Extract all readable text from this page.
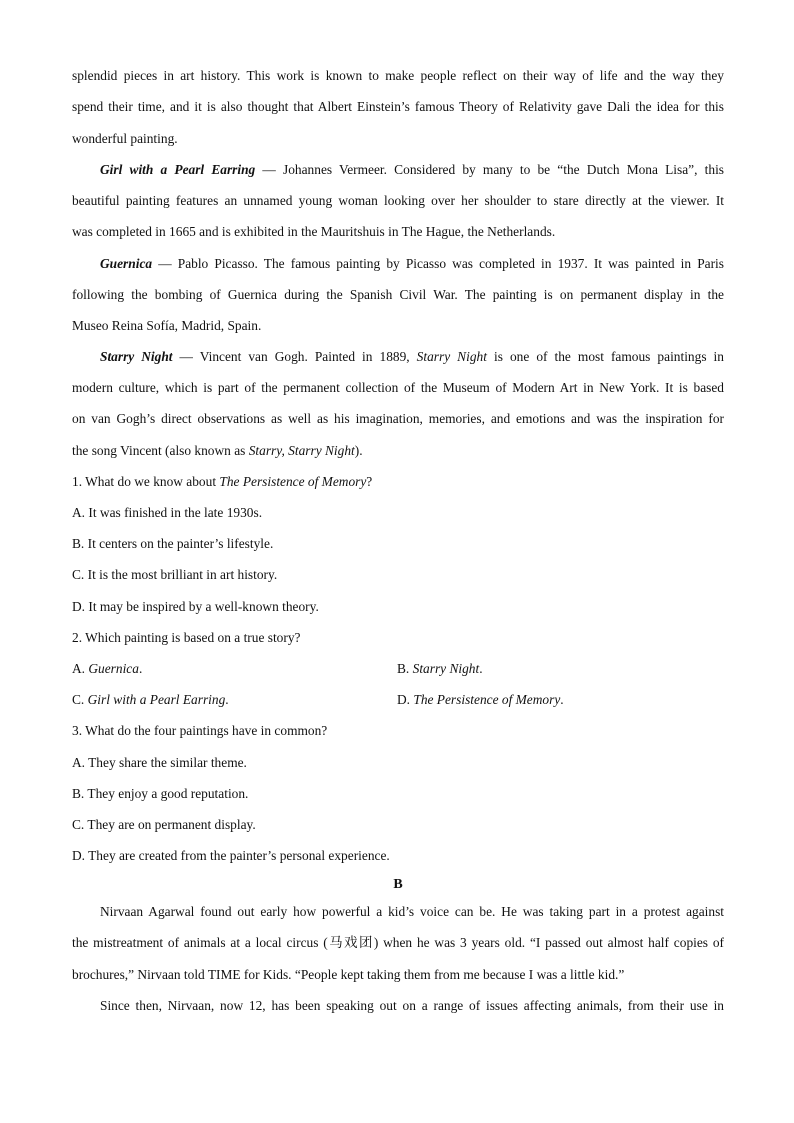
splendid pieces in art history. This work is known to make people reflect on their way of life and the way they
spend their time, and it is also thought that Albert Einstein’s famous Theory of Relativity gave Dali the idea for this
wonderful painting.
Girl with a Pearl Earring — Johannes Vermeer. Considered by many to be “the Dutch Mona Lisa”, this
beautiful painting features an unnamed young woman looking over her shoulder to stare directly at the viewer. It
was completed in 1665 and is exhibited in the Mauritshuis in The Hague, the Netherlands.
Guernica — Pablo Picasso. The famous painting by Picasso was completed in 1937. It was painted in Paris
following the bombing of Guernica during the Spanish Civil War. The painting is on permanent display in the
Museo Reina Sofía, Madrid, Spain.
Starry Night — Vincent van Gogh. Painted in 1889, Starry Night is one of the most famous paintings in
modern culture, which is part of the permanent collection of the Museum of Modern Art in New York. It is based
on van Gogh’s direct observations as well as his imagination, memories, and emotions and was the inspiration for
the song Vincent (also known as Starry, Starry Night).
1. What do we know about The Persistence of Memory?
A. It was finished in the late 1930s.
B. It centers on the painter’s lifestyle.
C. It is the most brilliant in art history.
D. It may be inspired by a well-known theory.
2. Which painting is based on a true story?
A. Guernica.	B. Starry Night.
C. Girl with a Pearl Earring.	D. The Persistence of Memory.
3. What do the four paintings have in common?
A. They share the similar theme.
B. They enjoy a good reputation.
C. They are on permanent display.
D. They are created from the painter’s personal experience.
B
Nirvaan Agarwal found out early how powerful a kid’s voice can be. He was taking part in a protest against
the mistreatment of animals at a local circus (马戏团) when he was 3 years old. “I passed out almost half copies of
brochures,” Nirvaan told TIME for Kids. “People kept taking them from me because I was a little kid.”
Since then, Nirvaan, now 12, has been speaking out on a range of issues affecting animals, from their use in
